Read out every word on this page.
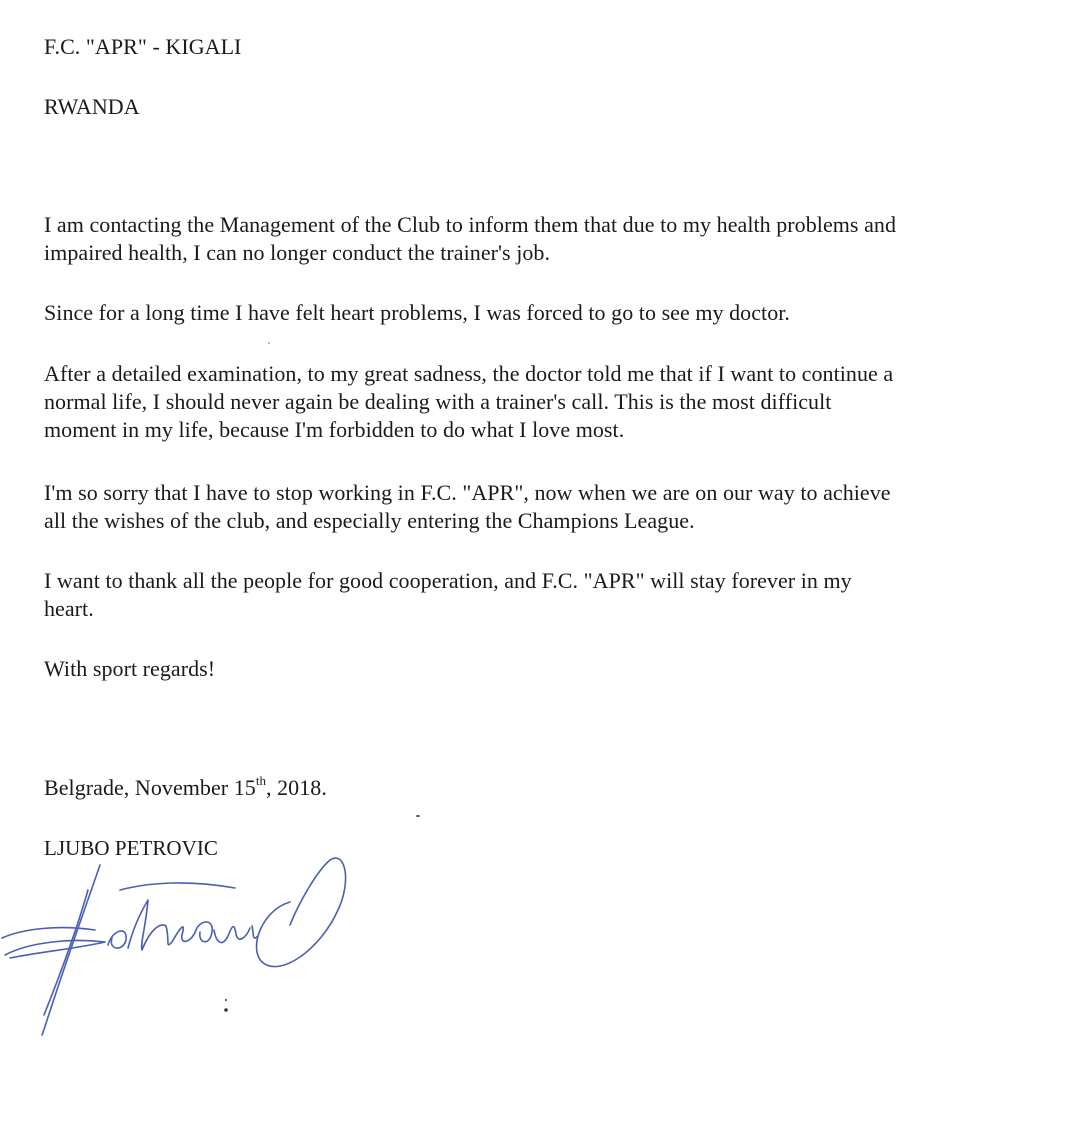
F.C. "APR" - KIGALI
RWANDA
I am contacting the Management of the Club to inform them that due to my health problems and
impaired health, I can no longer conduct the trainer's job.
Since for a long time I have felt heart problems, I was forced to go to see my doctor.
After a detailed examination, to my great sadness, the doctor told me that if I want to continue a
normal life, I should never again be dealing with a trainer's call. This is the most difficult
moment in my life, because I'm forbidden to do what I love most.
I'm so sorry that I have to stop working in F.C. "APR", now when we are on our way to achieve
all the wishes of the club, and especially entering the Champions League.
I want to thank all the people for good cooperation, and F.C. "APR" will stay forever in my
heart.
With sport regards!
Belgrade, November 15th, 2018.
LJUBO PETROVIC
